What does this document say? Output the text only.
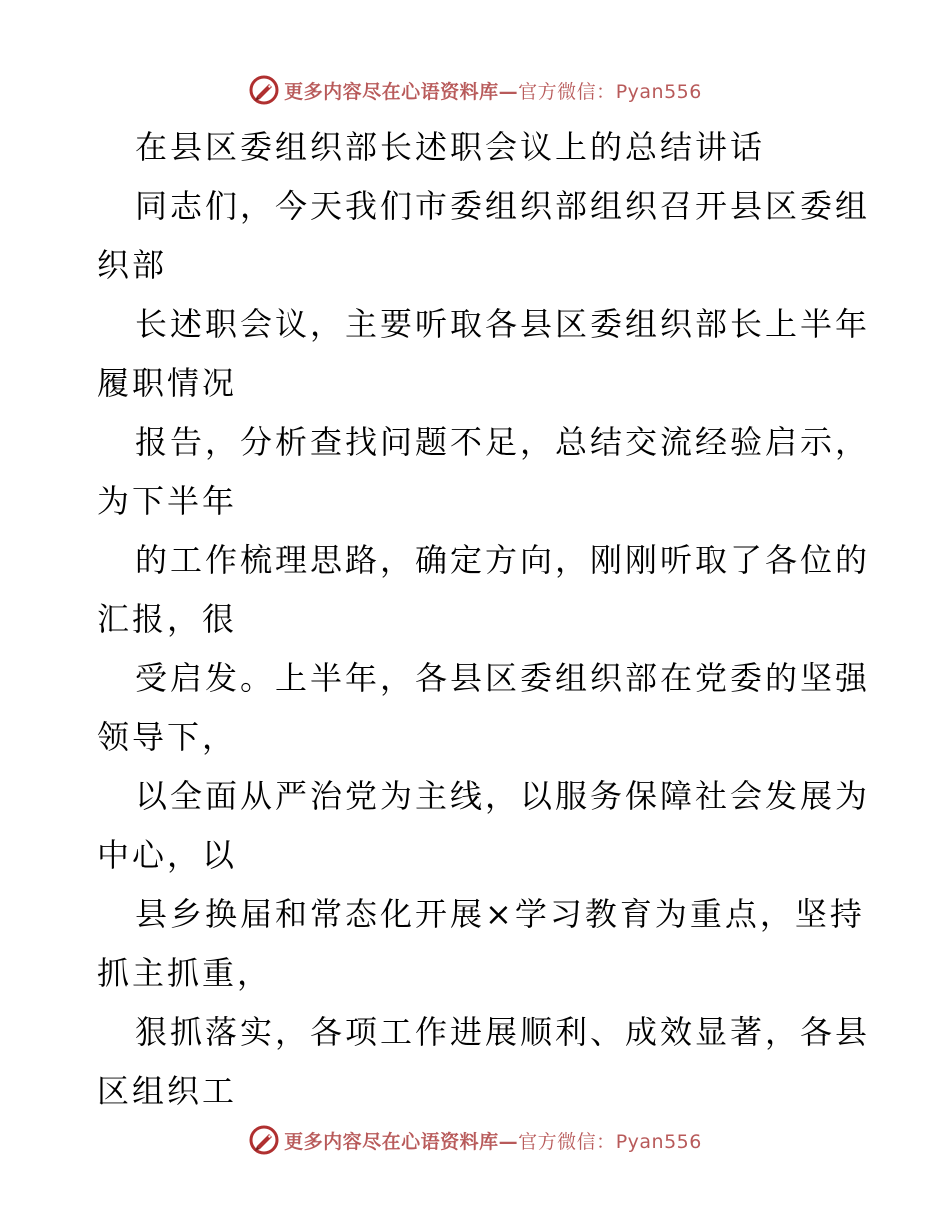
更多内容尽在心语资料库—官方微信：Pyan556
在县区委组织部长述职会议上的总结讲话
同志们，今天我们市委组织部组织召开县区委组
织部
长述职会议，主要听取各县区委组织部长上半年
履职情况
报告，分析查找问题不足，总结交流经验启示，
为下半年
的工作梳理思路，确定方向，刚刚听取了各位的
汇报，很
受启发。上半年，各县区委组织部在党委的坚强
领导下，
以全面从严治党为主线，以服务保障社会发展为
中心，以
县乡换届和常态化开展×学习教育为重点，坚持
抓主抓重，
狠抓落实，各项工作进展顺利、成效显著，各县
区组织工
更多内容尽在心语资料库—官方微信：Pyan556
